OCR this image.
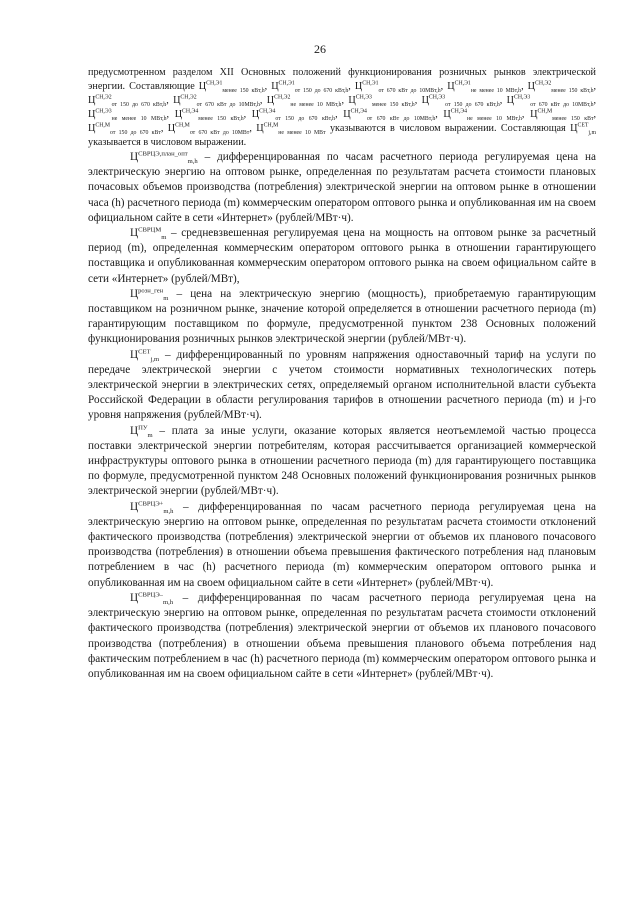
26

предусмотренном разделом XII Основных положений функционирования розничных рынков электрической энергии. Составляющие $Ц^{СН,Э1}_{менее 150 кВт,h}$, $Ц^{СН,Э1}_{от 150 до 670 кВт,h}$, $Ц^{СН,Э1}_{от 670 кВт до 10МВт,h}$, $Ц^{СН,Э1}_{не менее 10 МВт,h}$, $Ц^{СН,Э2}_{менее 150 кВт,h}$, $Ц^{СН,Э2}_{от 150 до 670 кВт,h}$, $Ц^{СН,Э2}_{от 670 кВт до 10МВт,h}$, $Ц^{СН,Э2}_{не менее 10 МВт,h}$, $Ц^{СН,Э3}_{менее 150 кВт,h}$, $Ц^{СН,Э3}_{от 150 до 670 кВт,h}$, $Ц^{СН,Э3}_{от 670 кВт до 10МВт,h}$, $Ц^{СН,Э3}_{не менее 10 МВт,h}$, $Ц^{СН,Э4}_{менее 150 кВт,h}$, $Ц^{СН,Э4}_{от 150 до 670 кВт,h}$, $Ц^{СН,Э4}_{от 670 кВт до 10МВт,h}$, $Ц^{СН,Э4}_{не менее 10 МВт,h}$, $Ц^{СН,М}_{менее 150 кВт}$, $Ц^{СН,М}_{от 150 до 670 кВт}$, $Ц^{СН,М}_{от 670 кВт до 10МВт}$, $Ц^{СН,М}_{не менее 10 МВт}$ указываются в числовом выражении. Составляющая $Ц^{СЕТ}_{j,m}$ указывается в числовом выражении.

$Ц^{СВРЦЭ,план\_опт}_{m,h}$ – дифференцированная по часам расчетного периода регулируемая цена на электрическую энергию на оптовом рынке, определенная по результатам расчета стоимости плановых почасовых объемов производства (потребления) электрической энергии на оптовом рынке в отношении часа (h) расчетного периода (m) коммерческим оператором оптового рынка и опубликованная им на своем официальном сайте в сети «Интернет» (рублей/МВт·ч).

$Ц^{СВРЦМ}_m$ – средневзвешенная регулируемая цена на мощность на оптовом рынке за расчетный период (m), определенная коммерческим оператором оптового рынка в отношении гарантирующего поставщика и опубликованная коммерческим оператором оптового рынка на своем официальном сайте в сети «Интернет» (рублей/МВт),

$Ц^{розн\_ген}_m$ – цена на электрическую энергию (мощность), приобретаемую гарантирующим поставщиком на розничном рынке, значение которой определяется в отношении расчетного периода (m) гарантирующим поставщиком по формуле, предусмотренной пунктом 238 Основных положений функционирования розничных рынков электрической энергии (рублей/МВт·ч).

$Ц^{СЕТ}_{j,m}$ – дифференцированный по уровням напряжения одноставочный тариф на услуги по передаче электрической энергии с учетом стоимости нормативных технологических потерь электрической энергии в электрических сетях, определяемый органом исполнительной власти субъекта Российской Федерации в области регулирования тарифов в отношении расчетного периода (m) и j-го уровня напряжения (рублей/МВт·ч).

$Ц^{ПУ}_m$ – плата за иные услуги, оказание которых является неотъемлемой частью процесса поставки электрической энергии потребителям, которая рассчитывается организацией коммерческой инфраструктуры оптового рынка в отношении расчетного периода (m) для гарантирующего поставщика по формуле, предусмотренной пунктом 248 Основных положений функционирования розничных рынков электрической энергии (рублей/МВт·ч).

$Ц^{СВРЦЭ+}_{m,h}$ – дифференцированная по часам расчетного периода регулируемая цена на электрическую энергию на оптовом рынке, определенная по результатам расчета стоимости отклонений фактического производства (потребления) электрической энергии от объемов их планового почасового производства (потребления) в отношении объема превышения фактического потребления над плановым потреблением в час (h) расчетного периода (m) коммерческим оператором оптового рынка и опубликованная им на своем официальном сайте в сети «Интернет» (рублей/МВт·ч).

$Ц^{СВРЦЭ-}_{m,h}$ – дифференцированная по часам расчетного периода регулируемая цена на электрическую энергию на оптовом рынке, определенная по результатам расчета стоимости отклонений фактического производства (потребления) электрической энергии от объемов их планового почасового производства (потребления) в отношении объема превышения планового объема потребления над фактическим потреблением в час (h) расчетного периода (m) коммерческим оператором оптового рынка и опубликованная им на своем официальном сайте в сети «Интернет» (рублей/МВт·ч).
